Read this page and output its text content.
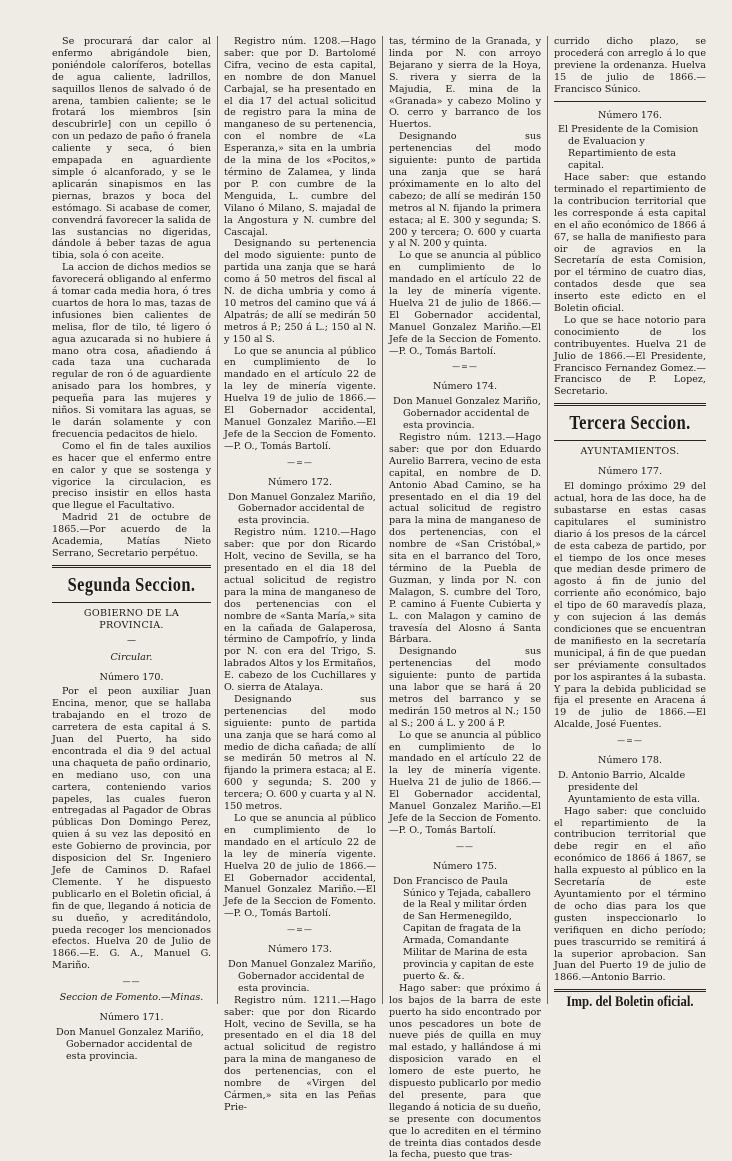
Se procurará dar calor al enfermo abrigándole bien, poniéndole caloríferos, botellas de agua caliente, ladrillos, saquillos llenos de salvado ó de arena, tambien caliente; se le frotará los miembros [sin descubrirle] con un cepillo ó con un pedazo de paño ó franela caliente y seca, ó bien empapada en aguardiente simple ó alcanforado, y se le aplicarán sinapismos en las piernas, brazos y boca del estómago. Si acabase de comer, convendrá favorecer la salida de las sustancias no digeridas, dándole á beber tazas de agua tibia, sola ó con aceite.

La accion de dichos medios se favorecerá obligando al enfermo á tomar cada media hora, ó tres cuartos de hora lo mas, tazas de infusiones bien calientes de melisa, flor de tilo, té ligero ó agua azucarada si no hubiere á mano otra cosa, añadiendo á cada taza una cucharada regular de ron ó de aguardiente anisado para los hombres, y pequeña para las mujeres y niños. Si vomitara las aguas, se le darán solamente y con frecuencia pedacitos de hielo.

Como el fin de tales auxilios es hacer que el enfermo entre en calor y que se sostenga y vigorice la circulacion, es preciso insistir en ellos hasta que llegue el Facultativo.

Madrid 21 de octubre de 1865.—Por acuerdo de la Academia, Matías Nieto Serrano, Secretario perpétuo.

Segunda Seccion.
GOBIERNO DE LA PROVINCIA.
—
Circular.
Número 170.

Por el peon auxiliar Juan Encina, menor, que se hallaba trabajando en el trozo de carretera de esta capital á S. Juan del Puerto, ha sido encontrada el dia 9 del actual una chaqueta de paño ordinario, en mediano uso, con una cartera, conteniendo varios papeles, las cuales fueron entregadas al Pagador de Obras públicas Don Domingo Perez, quien á su vez las depositó en este Gobierno de provincia, por disposicion del Sr. Ingeniero Jefe de Caminos D. Rafael Clemente. Y he dispuesto publicarlo en el Boletin oficial, á fin de que, llegando á noticia de su dueño, y acreditándolo, pueda recoger los mencionados efectos. Huelva 20 de Julio de 1866.—E. G. A., Manuel G. Mariño.

——
Seccion de Fomento.—Minas.
Número 171.

Don Manuel Gonzalez Mariño, Gobernador accidental de esta provincia.

Registro núm. 1208.—Hago saber: que por D. Bartolomé Cifra, vecino de esta capital, en nombre de don Manuel Carbajal, se ha presentado en el dia 17 del actual solicitud de registro para la mina de manganeso de su pertenencia, con el nombre de «La Esperanza,» sita en la umbria de la mina de los «Pocitos,» término de Zalamea, y linda por P. con cumbre de la Menguida, L. cumbre del Vilano ó Milano, S. majadal de la Angostura y N. cumbre del Cascajal.

Designando su pertenencia del modo siguiente: punto de partida una zanja que se hará como á 50 metros del fiscal al N. de dicha umbria y como á 10 metros del camino que vá á Alpatrás; de allí se medirán 50 metros á P.; 250 á L.; 150 al N. y 150 al S.

Lo que se anuncia al público en cumplimiento de lo mandado en el artículo 22 de la ley de minería vigente. Huelva 19 de julio de 1866.—El Gobernador accidental, Manuel Gonzalez Mariño.—El Jefe de la Seccion de Fomento.—P. O., Tomás Bartolí.

—=—
Número 172.

Don Manuel Gonzalez Mariño, Gobernador accidental de esta provincia.

Registro núm. 1210.—Hago saber: que por don Ricardo Holt, vecino de Sevilla, se ha presentado en el dia 18 del actual solicitud de registro para la mina de manganeso de dos pertenencias con el nombre de «Santa María,» sita en la cañada de Galaperosa, término de Campofrío, y linda por N. con era del Trigo, S. labrados Altos y los Ermitaños, E. cabezo de los Cuchillares y O. sierra de Atalaya.

Designando sus pertenencias del modo siguiente: punto de partida una zanja que se hará como al medio de dicha cañada; de allí se medirán 50 metros al N. fijando la primera estaca; al E. 600 y segunda; S. 200 y tercera; O. 600 y cuarta y al N. 150 metros.

Lo que se anuncia al público en cumplimiento de lo mandado en el artículo 22 de la ley de minería vigente. Huelva 20 de julio de 1866.—El Gobernador accidental, Manuel Gonzalez Mariño.—El Jefe de la Seccion de Fomento.—P. O., Tomás Bartolí.

—=—
Número 173.

Don Manuel Gonzalez Mariño, Gobernador accidental de esta provincia.

Registro núm. 1211.—Hago saber: que por don Ricardo Holt, vecino de Sevilla, se ha presentado en el dia 18 del actual solicitud de registro para la mina de manganeso de dos pertenencias, con el nombre de «Virgen del Cármen,» sita en las Peñas Prie-

tas, término de la Granada, y linda por N. con arroyo Bejarano y sierra de la Hoya, S. rivera y sierra de la Majudia, E. mina de la «Granada» y cabezo Molino y O. cerro y barranco de los Huertos.

Designando sus pertenencias del modo siguiente: punto de partida una zanja que se hará próximamente en lo alto del cabezo; de allí se medirán 150 metros al N. fijando la primera estaca; al E. 300 y segunda; S. 200 y tercera; O. 600 y cuarta y al N. 200 y quinta.

Lo que se anuncia al público en cumplimiento de lo mandado en el artículo 22 de la ley de minería vigente. Huelva 21 de julio de 1866.—El Gobernador accidental, Manuel Gonzalez Mariño.—El Jefe de la Seccion de Fomento.—P. O., Tomás Bartolí.

—=—
Número 174.

Don Manuel Gonzalez Mariño, Gobernador accidental de esta provincia.

Registro núm. 1213.—Hago saber: que por don Eduardo Aurelio Barrera, vecino de esta capital, en nombre de D. Antonio Abad Camino, se ha presentado en el dia 19 del actual solicitud de registro para la mina de manganeso de dos pertenencias, con el nombre de «San Cristóbal,» sita en el barranco del Toro, término de la Puebla de Guzman, y linda por N. con Malagon, S. cumbre del Toro, P. camino á Fuente Cubierta y L. con Malagon y camino de travesía del Alosno á Santa Bárbara.

Designando sus pertenencias del modo siguiente: punto de partida una labor que se hará á 20 metros del barranco y se medirán 150 metros al N.; 150 al S.; 200 á L. y 200 á P.

Lo que se anuncia al público en cumplimiento de lo mandado en el artículo 22 de la ley de minería vigente. Huelva 21 de julio de 1866.—El Gobernador accidental, Manuel Gonzalez Mariño.—El Jefe de la Seccion de Fomento.—P. O., Tomás Bartolí.

——
Número 175.

Don Francisco de Paula Súnico y Tejada, caballero de la Real y militar órden de San Hermenegildo, Capitan de fragata de la Armada, Comandante Militar de Marina de esta provincia y capitan de este puerto &. &.

Hago saber: que próximo á los bajos de la barra de este puerto ha sido encontrado por unos pescadores un bote de nueve piés de quilla en muy mal estado, y hallándose á mi disposicion varado en el lomero de este puerto, he dispuesto publicarlo por medio del presente, para que llegando á noticia de su dueño, se presente con documentos que lo acrediten en el término de treinta dias contados desde la fecha, puesto que tras-

currido dicho plazo, se procederá con arreglo á lo que previene la ordenanza. Huelva 15 de julio de 1866.—Francisco Súnico.

Número 176.

El Presidente de la Comision de Evaluacion y Repartimiento de esta capital.

Hace saber: que estando terminado el repartimiento de la contribucion territorial que les corresponde á esta capital en el año económico de 1866 á 67, se halla de manifiesto para oir de agravios en la Secretaría de esta Comision, por el término de cuatro dias, contados desde que sea inserto este edicto en el Boletin oficial.

Lo que se hace notorio para conocimiento de los contribuyentes. Huelva 21 de Julio de 1866.—El Presidente, Francisco Fernandez Gomez.—Francisco de P. Lopez, Secretario.

Tercera Seccion.
AYUNTAMIENTOS.
Número 177.

El domingo próximo 29 del actual, hora de las doce, ha de subastarse en estas casas capitulares el suministro diario á los presos de la cárcel de esta cabeza de partido, por el tiempo de los once meses que median desde primero de agosto á fin de junio del corriente año económico, bajo el tipo de 60 maravedís plaza, y con sujecion á las demás condiciones que se encuentran de manifiesto en la secretaría municipal, á fin de que puedan ser préviamente consultados por los aspirantes á la subasta. Y para la debida publicidad se fija el presente en Aracena á 19 de julio de 1866.—El Alcalde, José Fuentes.

—=—
Número 178.

D. Antonio Barrio, Alcalde presidente del Ayuntamiento de esta villa.

Hago saber: que concluido el repartimiento de la contribucion territorial que debe regir en el año económico de 1866 á 1867, se halla expuesto al público en la Secretaría de este Ayuntamiento por el término de ocho dias para los que gusten inspeccionarlo lo verifiquen en dicho período; pues trascurrido se remitirá á la superior aprobacion. San Juan del Puerto 19 de julio de 1866.—Antonio Barrio.

Imp. del Boletin oficial.
